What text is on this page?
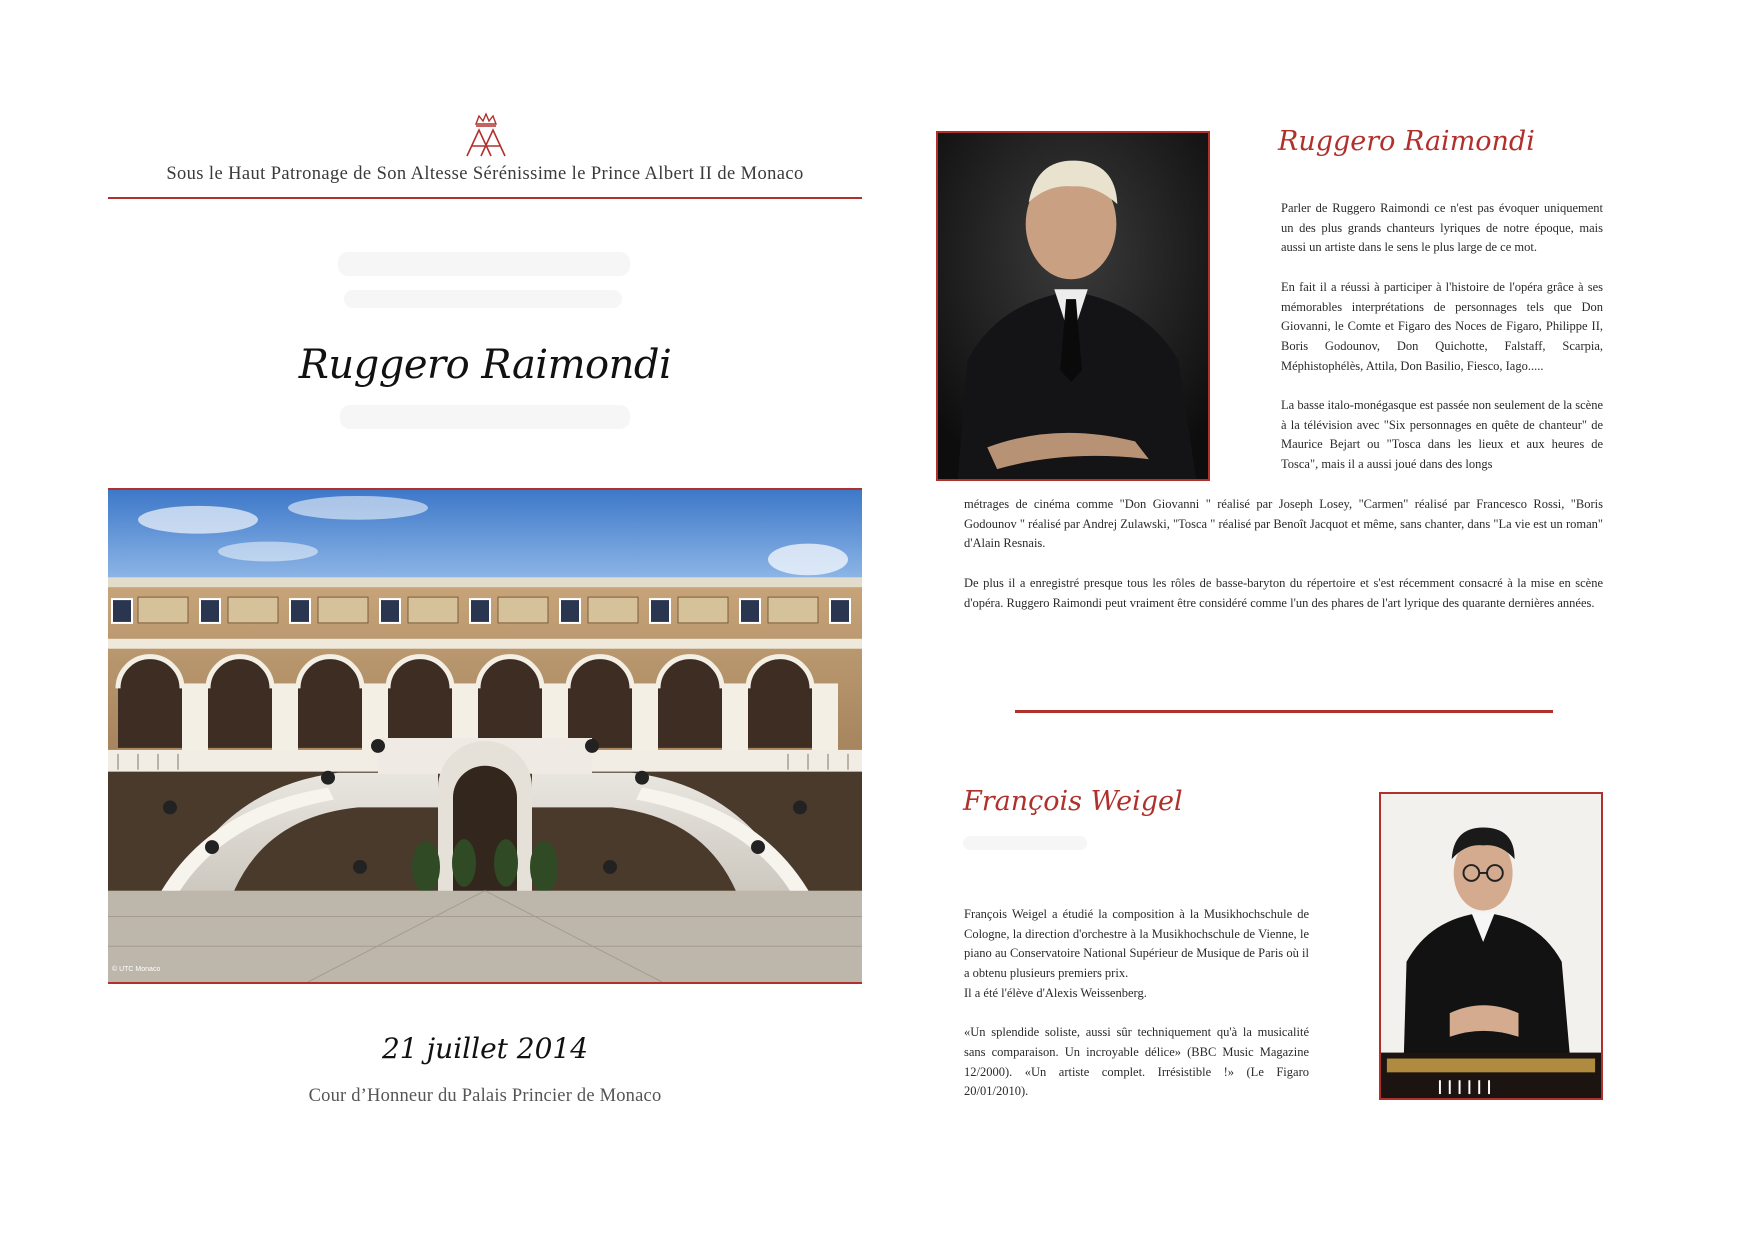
Sous le Haut Patronage de Son Altesse Sérénissime le Prince Albert II de Monaco
Ruggero Raimondi
© UTC Monaco
21 juillet 2014
Cour d’Honneur du Palais Princier de Monaco
Ruggero Raimondi

Parler de Ruggero Raimondi ce n'est pas évoquer uniquement un des plus grands chanteurs lyriques de notre époque, mais aussi un artiste dans le sens le plus large de ce mot.

En fait il a réussi à participer à l'histoire de l'opéra grâce à ses mémorables interprétations de personnages tels que Don Giovanni, le Comte et Figaro des Noces de Figaro, Philippe II, Boris Godounov, Don Quichotte, Falstaff, Scarpia, Méphistophélès, Attila, Don Basilio, Fiesco, Iago.....

La basse italo-monégasque est passée non seulement de la scène à la télévision avec "Six personnages en quête de chanteur" de Maurice Bejart ou "Tosca dans les lieux et aux heures de Tosca", mais il a aussi joué dans des longs

métrages de cinéma comme "Don Giovanni " réalisé par Joseph Losey, "Carmen" réalisé par Francesco Rossi, "Boris Godounov " réalisé par Andrej Zulawski, "Tosca " réalisé par Benoît Jacquot et même, sans chanter, dans "La vie est un roman" d'Alain Resnais.

De plus il a enregistré presque tous les rôles de basse-baryton du répertoire et s'est récemment consacré à la mise en scène d'opéra. Ruggero Raimondi peut vraiment être considéré comme l'un des phares de l'art lyrique des quarante dernières années.

François Weigel

François Weigel a étudié la composition à la Musikhochschule de Cologne, la direction d'orchestre à la Musikhochschule de Vienne, le piano au Conservatoire National Supérieur de Musique de Paris où il a obtenu plusieurs premiers prix.

Il a été l'élève d'Alexis Weissenberg.

«Un splendide soliste, aussi sûr techniquement qu'à la musicalité sans comparaison. Un incroyable délice» (BBC Music Magazine 12/2000). «Un artiste complet. Irrésistible !» (Le Figaro 20/01/2010).
